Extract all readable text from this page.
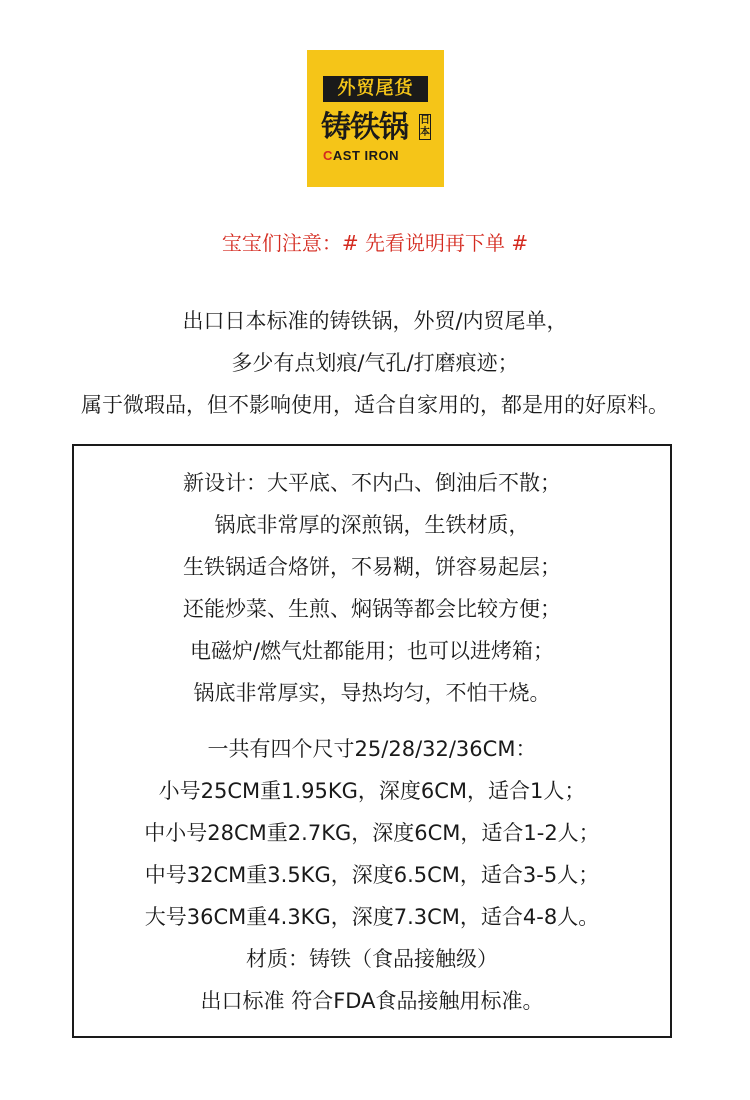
外贸尾货
铸铁锅 日本
CAST IRON
宝宝们注意：# 先看说明再下单 #

出口日本标准的铸铁锅，外贸/内贸尾单，

多少有点划痕/气孔/打磨痕迹；

属于微瑕品，但不影响使用，适合自家用的，都是用的好原料。

新设计：大平底、不内凸、倒油后不散；

锅底非常厚的深煎锅，生铁材质，

生铁锅适合烙饼，不易糊，饼容易起层；

还能炒菜、生煎、焖锅等都会比较方便；

电磁炉/燃气灶都能用；也可以进烤箱；

锅底非常厚实，导热均匀，不怕干烧。

一共有四个尺寸25/28/32/36CM：

小号25CM重1.95KG，深度6CM，适合1人；

中小号28CM重2.7KG，深度6CM，适合1-2人；

中号32CM重3.5KG，深度6.5CM，适合3-5人；

大号36CM重4.3KG，深度7.3CM，适合4-8人。

材质：铸铁（食品接触级）

出口标准 符合FDA食品接触用标准。
